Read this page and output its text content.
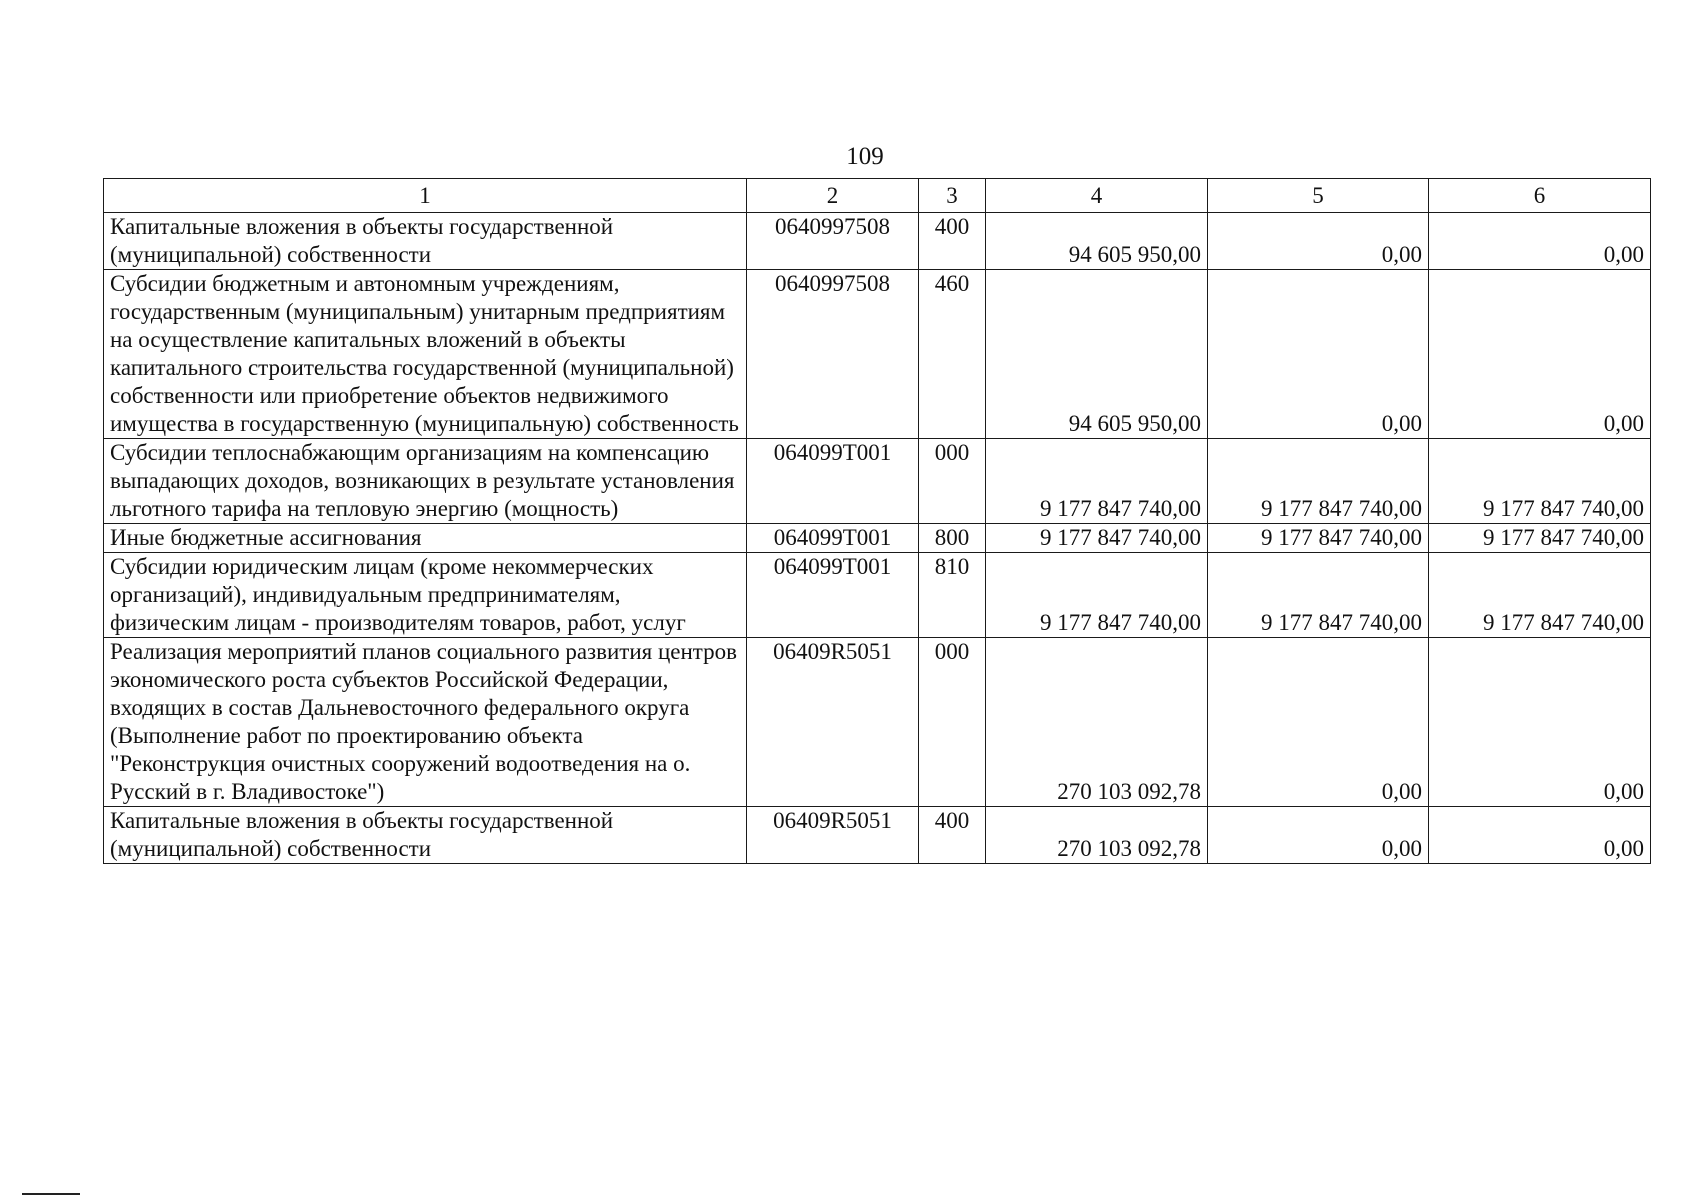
109
1	2	3	4	5	6
Капитальные вложения в объекты государственной (муниципальной) собственности	0640997508	400	94 605 950,00	0,00	0,00
Субсидии бюджетным и автономным учреждениям, государственным (муниципальным) унитарным предприятиям на осуществление капитальных вложений в объекты капитального строительства государственной (муниципальной) собственности или приобретение объектов недвижимого имущества в государственную (муниципальную) собственность	0640997508	460	94 605 950,00	0,00	0,00
Субсидии теплоснабжающим организациям на компенсацию выпадающих доходов, возникающих в результате установления льготного тарифа на тепловую энергию (мощность)	064099Т001	000	9 177 847 740,00	9 177 847 740,00	9 177 847 740,00
Иные бюджетные ассигнования	064099Т001	800	9 177 847 740,00	9 177 847 740,00	9 177 847 740,00
Субсидии юридическим лицам (кроме некоммерческих организаций), индивидуальным предпринимателям, физическим лицам - производителям товаров, работ, услуг	064099Т001	810	9 177 847 740,00	9 177 847 740,00	9 177 847 740,00
Реализация мероприятий планов социального развития центров экономического роста субъектов Российской Федерации, входящих в состав Дальневосточного федерального округа (Выполнение работ по проектированию объекта "Реконструкция очистных сооружений водоотведения на о. Русский в г. Владивостоке")	06409R5051	000	270 103 092,78	0,00	0,00
Капитальные вложения в объекты государственной (муниципальной) собственности	06409R5051	400	270 103 092,78	0,00	0,00
